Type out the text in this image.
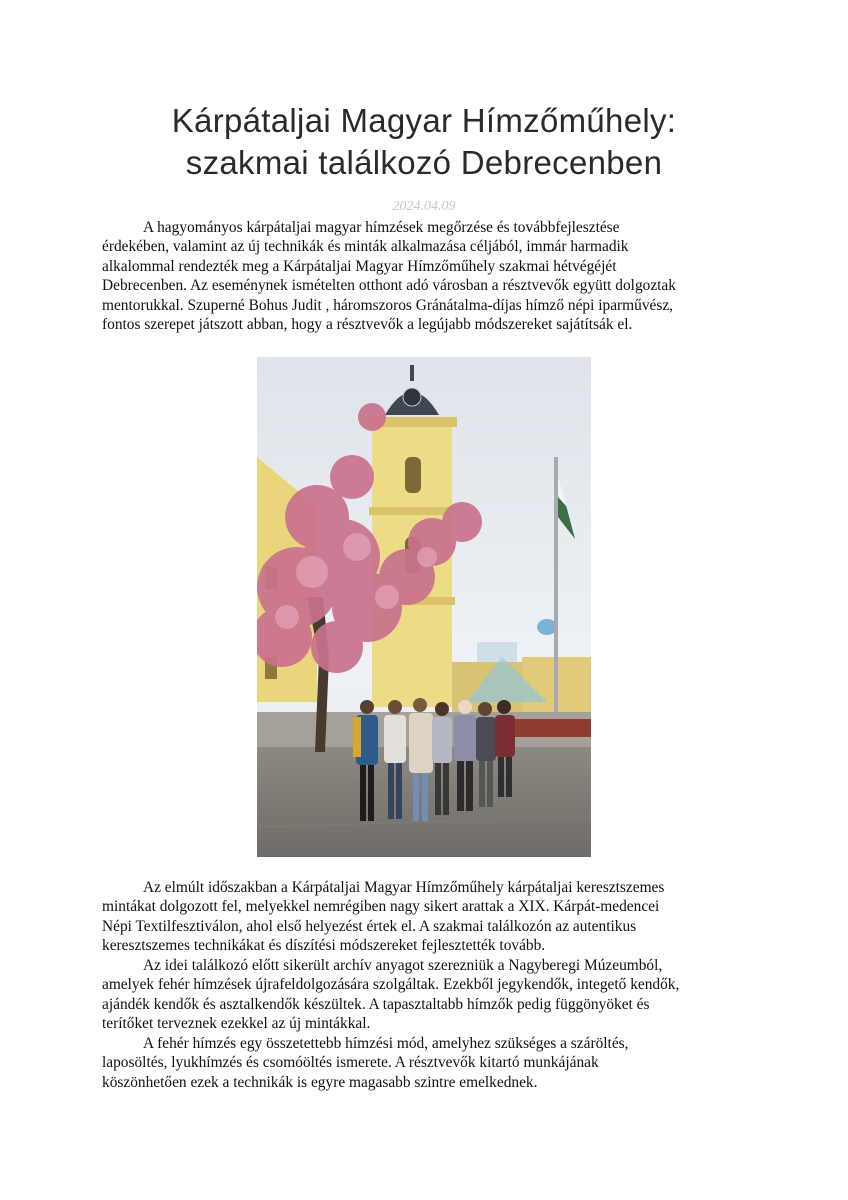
Kárpátaljai Magyar Hímzőműhely:
szakmai találkozó Debrecenben
2024.04.09

A hagyományos kárpátaljai magyar hímzések megőrzése és továbbfejlesztése
érdekében, valamint az új technikák és minták alkalmazása céljából, immár harmadik
alkalommal rendezték meg a Kárpátaljai Magyar Hímzőműhely szakmai hétvégéjét
Debrecenben. Az eseménynek ismételten otthont adó városban a résztvevők együtt dolgoztak
mentorukkal. Szuperné Bohus Judit , háromszoros Gránátalma-díjas hímző népi iparművész,
fontos szerepet játszott abban, hogy a résztvevők a legújabb módszereket sajátítsák el.

Az elmúlt időszakban a Kárpátaljai Magyar Hímzőműhely kárpátaljai keresztszemes
mintákat dolgozott fel, melyekkel nemrégiben nagy sikert arattak a XIX. Kárpát-medencei
Népi Textilfesztiválon, ahol első helyezést értek el. A szakmai találkozón az autentikus
keresztszemes technikákat és díszítési módszereket fejlesztették tovább.

Az idei találkozó előtt sikerült archív anyagot szerezniük a Nagyberegi Múzeumból,
amelyek fehér hímzések újrafeldolgozására szolgáltak. Ezekből jegykendők, integető kendők,
ajándék kendők és asztalkendők készültek. A tapasztaltabb hímzők pedig függönyöket és
terítőket terveznek ezekkel az új mintákkal.

A fehér hímzés egy összetettebb hímzési mód, amelyhez szükséges a száröltés,
laposöltés, lyukhímzés és csomóöltés ismerete. A résztvevők kitartó munkájának
köszönhetően ezek a technikák is egyre magasabb szintre emelkednek.
